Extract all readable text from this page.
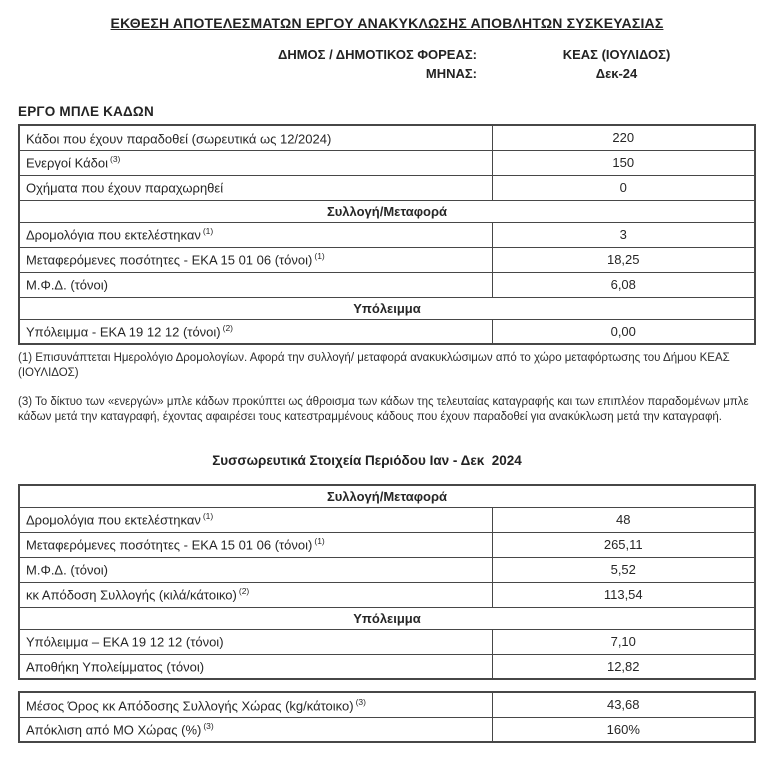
ΕΚΘΕΣΗ ΑΠΟΤΕΛΕΣΜΑΤΩΝ ΕΡΓΟΥ ΑΝΑΚΥΚΛΩΣΗΣ ΑΠΟΒΛΗΤΩΝ ΣΥΣΚΕΥΑΣΙΑΣ
ΔΗΜΟΣ / ΔΗΜΟΤΙΚΟΣ ΦΟΡΕΑΣ:	ΚΕΑΣ (ΙΟΥΛΙΔΟΣ)
ΜΗΝΑΣ:	Δεκ-24
ΕΡΓΟ ΜΠΛΕ ΚΑΔΩΝ
Κάδοι που έχουν παραδοθεί (σωρευτικά ως 12/2024)	220
Ενεργοί Κάδοι $^{(3)}$	150
Οχήματα που έχουν παραχωρηθεί	0
Συλλογή/Μεταφορά	
Δρομολόγια που εκτελέστηκαν $^{(1)}$	3
Μεταφερόμενες ποσότητες - ΕΚΑ 15 01 06 (τόνοι) $^{(1)}$	18,25
Μ.Φ.Δ. (τόνοι)	6,08
Υπόλειμμα	
Υπόλειμμα - ΕΚΑ 19 12 12 (τόνοι) $^{(2)}$	0,00

(1) Επισυνάπτεται Ημερολόγιο Δρομολογίων. Αφορά την συλλογή/ μεταφορά ανακυκλώσιμων από το χώρο μεταφόρτωσης του Δήμου ΚΕΑΣ (ΙΟΥΛΙΔΟΣ)

(3) Το δίκτυο των «ενεργών» μπλε κάδων προκύπτει ως άθροισμα των κάδων της τελευταίας καταγραφής και των επιπλέον παραδομένων μπλε κάδων μετά την καταγραφή, έχοντας αφαιρέσει τους κατεστραμμένους κάδους που έχουν παραδοθεί για ανακύκλωση μετά την καταγραφή.

Συσσωρευτικά Στοιχεία Περιόδου Ιαν - Δεκ  2024
Συλλογή/Μεταφορά	
Δρομολόγια που εκτελέστηκαν $^{(1)}$	48
Μεταφερόμενες ποσότητες - ΕΚΑ 15 01 06 (τόνοι) $^{(1)}$	265,11
Μ.Φ.Δ. (τόνοι)	5,52
κκ Απόδοση Συλλογής (κιλά/κάτοικο) $^{(2)}$	113,54
Υπόλειμμα	
Υπόλειμμα – ΕΚΑ 19 12 12 (τόνοι)	7,10
Αποθήκη Υπολείμματος (τόνοι)	12,82
Μέσος Όρος κκ Απόδοσης Συλλογής Χώρας (kg/κάτοικο) $^{(3)}$	43,68
Απόκλιση από ΜΟ Χώρας (%) $^{(3)}$	160%
